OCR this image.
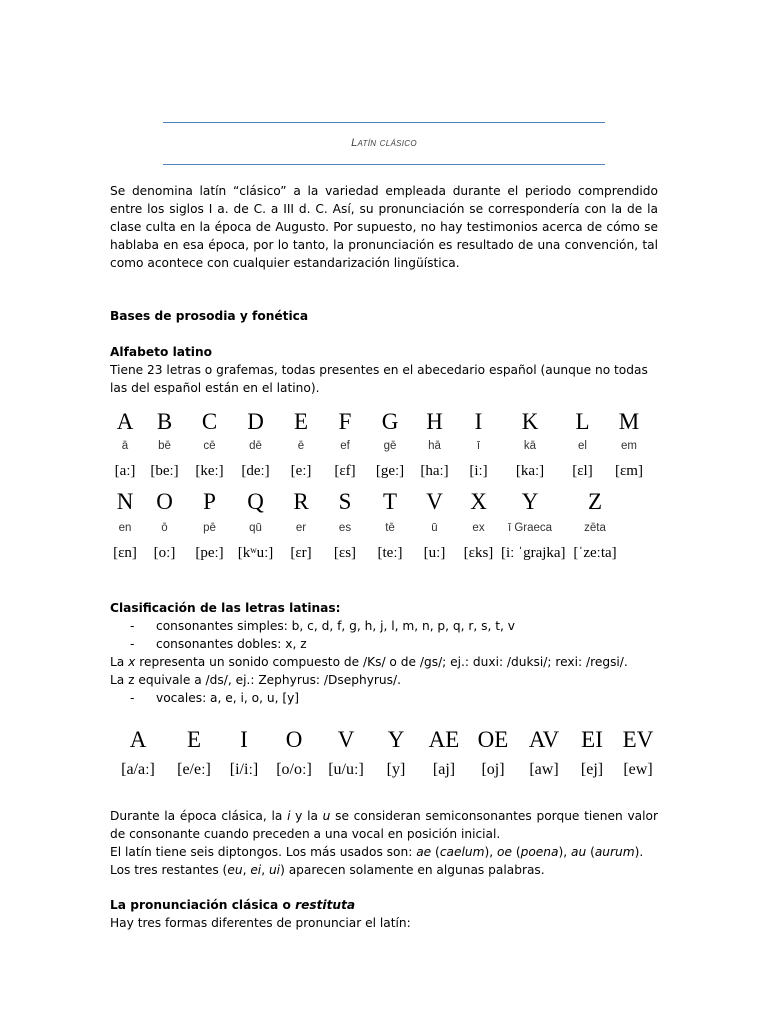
Latín clásico

Se denomina latín “clásico” a la variedad empleada durante el periodo comprendido entre los siglos I a. de C. a III d. C. Así, su pronunciación se correspondería con la de la clase culta en la época de Augusto. Por supuesto, no hay testimonios acerca de cómo se hablaba en esa época, por lo tanto, la pronunciación es resultado de una convención, tal como acontece con cualquier estandarización lingüística.

Bases de prosodia y fonética
Alfabeto latino

Tiene 23 letras o grafemas, todas presentes en el abecedario español (aunque no todas las del español están en el latino).

A	B	C	D	E	F	G	H	I	K	L	M
ā	bē	cē	dē	ē	ef	gē	hā	ī	kā	el	em
[aː] [beː]	[keː]	[deː]	[eː]	[ɛf]	[geː]	[haː]	[iː]	[kaː]	[ɛl]	[ɛm]
N O	P	Q	R	S	T	V	X	Y	Z
en	ō	pē	qū	er	es	tē	ū	ex	ī Graeca	zēta
[ɛn]	[oː]	[peː] [kʷuː]	[ɛr]	[ɛs]	[teː]	[uː]	[ɛks] [iː ˈgrajka] [ˈzeːta]
Clasificación de las letras latinas:
- consonantes simples: b, c, d, f, g, h, j, l, m, n, p, q, r, s, t, v
- consonantes dobles: x, z
La x representa un sonido compuesto de /Ks/ o de /gs/; ej.: duxi: /duksi/; rexi: /regsi/.
La z equivale a /ds/, ej.: Zephyrus: /Dsephyrus/.
- vocales: a, e, i, o, u, [y]
A	E	I	O	V	Y	AE OE AV EI EV
[a/aː]	[e/eː]	[i/iː]	[o/oː]	[u/uː]	[y]	[aj]	[oj]	[aw]	[ej]	[ew]

Durante la época clásica, la i y la u se consideran semiconsonantes porque tienen valor de consonante cuando preceden a una vocal en posición inicial.

El latín tiene seis diptongos. Los más usados son: ae (caelum), oe (poena), au (aurum).

Los tres restantes (eu, ei, ui) aparecen solamente en algunas palabras.

La pronunciación clásica o restituta
Hay tres formas diferentes de pronunciar el latín:
